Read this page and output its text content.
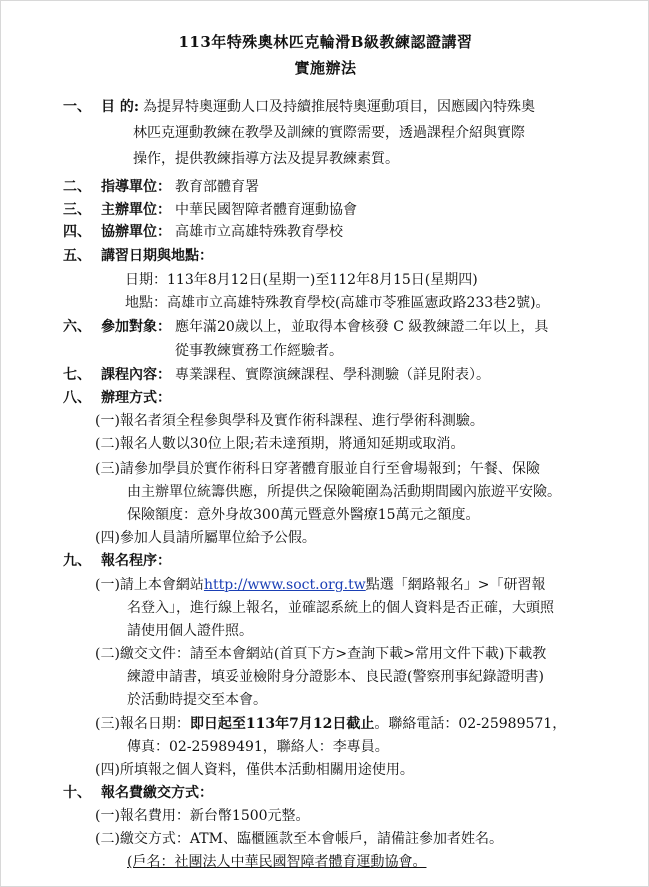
113年特殊奧林匹克輪滑B級教練認證講習
實施辦法
一、 目 的: 為提昇特奧運動人口及持續推展特奧運動項目，因應國內特殊奧
林匹克運動教練在教學及訓練的實際需要，透過課程介紹與實際
操作，提供教練指導方法及提昇教練素質。
二、 指導單位： 教育部體育署
三、 主辦單位： 中華民國智障者體育運動協會
四、 協辦單位： 高雄市立高雄特殊教育學校
五、 講習日期與地點：
日期：113年8月12日(星期一)至112年8月15日(星期四)
地點：高雄市立高雄特殊教育學校(高雄市苓雅區憲政路233巷2號)。
六、 參加對象： 應年滿20歲以上，並取得本會核發 C 級教練證二年以上，具
從事教練實務工作經驗者。
七、 課程內容： 專業課程、實際演練課程、學科測驗（詳見附表）。
八、 辦理方式：
(一)報名者須全程參與學科及實作術科課程、進行學術科測驗。
(二)報名人數以30位上限;若未達預期，將通知延期或取消。
(三)請參加學員於實作術科日穿著體育服並自行至會場報到；午餐、保險
由主辦單位統籌供應，所提供之保險範圍為活動期間國內旅遊平安險。
保險額度：意外身故300萬元暨意外醫療15萬元之額度。
(四)參加人員請所屬單位給予公假。
九、 報名程序：
(一)請上本會網站http://www.soct.org.tw點選「網路報名」>「研習報
名登入」，進行線上報名，並確認系統上的個人資料是否正確，大頭照
請使用個人證件照。
(二)繳交文件：請至本會網站(首頁下方>查詢下載>常用文件下載)下載教
練證申請書，填妥並檢附身分證影本、良民證(警察刑事紀錄證明書)
於活動時提交至本會。
(三)報名日期：即日起至113年7月12日截止。聯絡電話：02-25989571，
傳真：02-25989491，聯絡人：李專員。
(四)所填報之個人資料，僅供本活動相關用途使用。
十、 報名費繳交方式：
(一)報名費用：新台幣1500元整。
(二)繳交方式：ATM、臨櫃匯款至本會帳戶，請備註參加者姓名。
(戶名：社團法人中華民國智障者體育運動協會。
